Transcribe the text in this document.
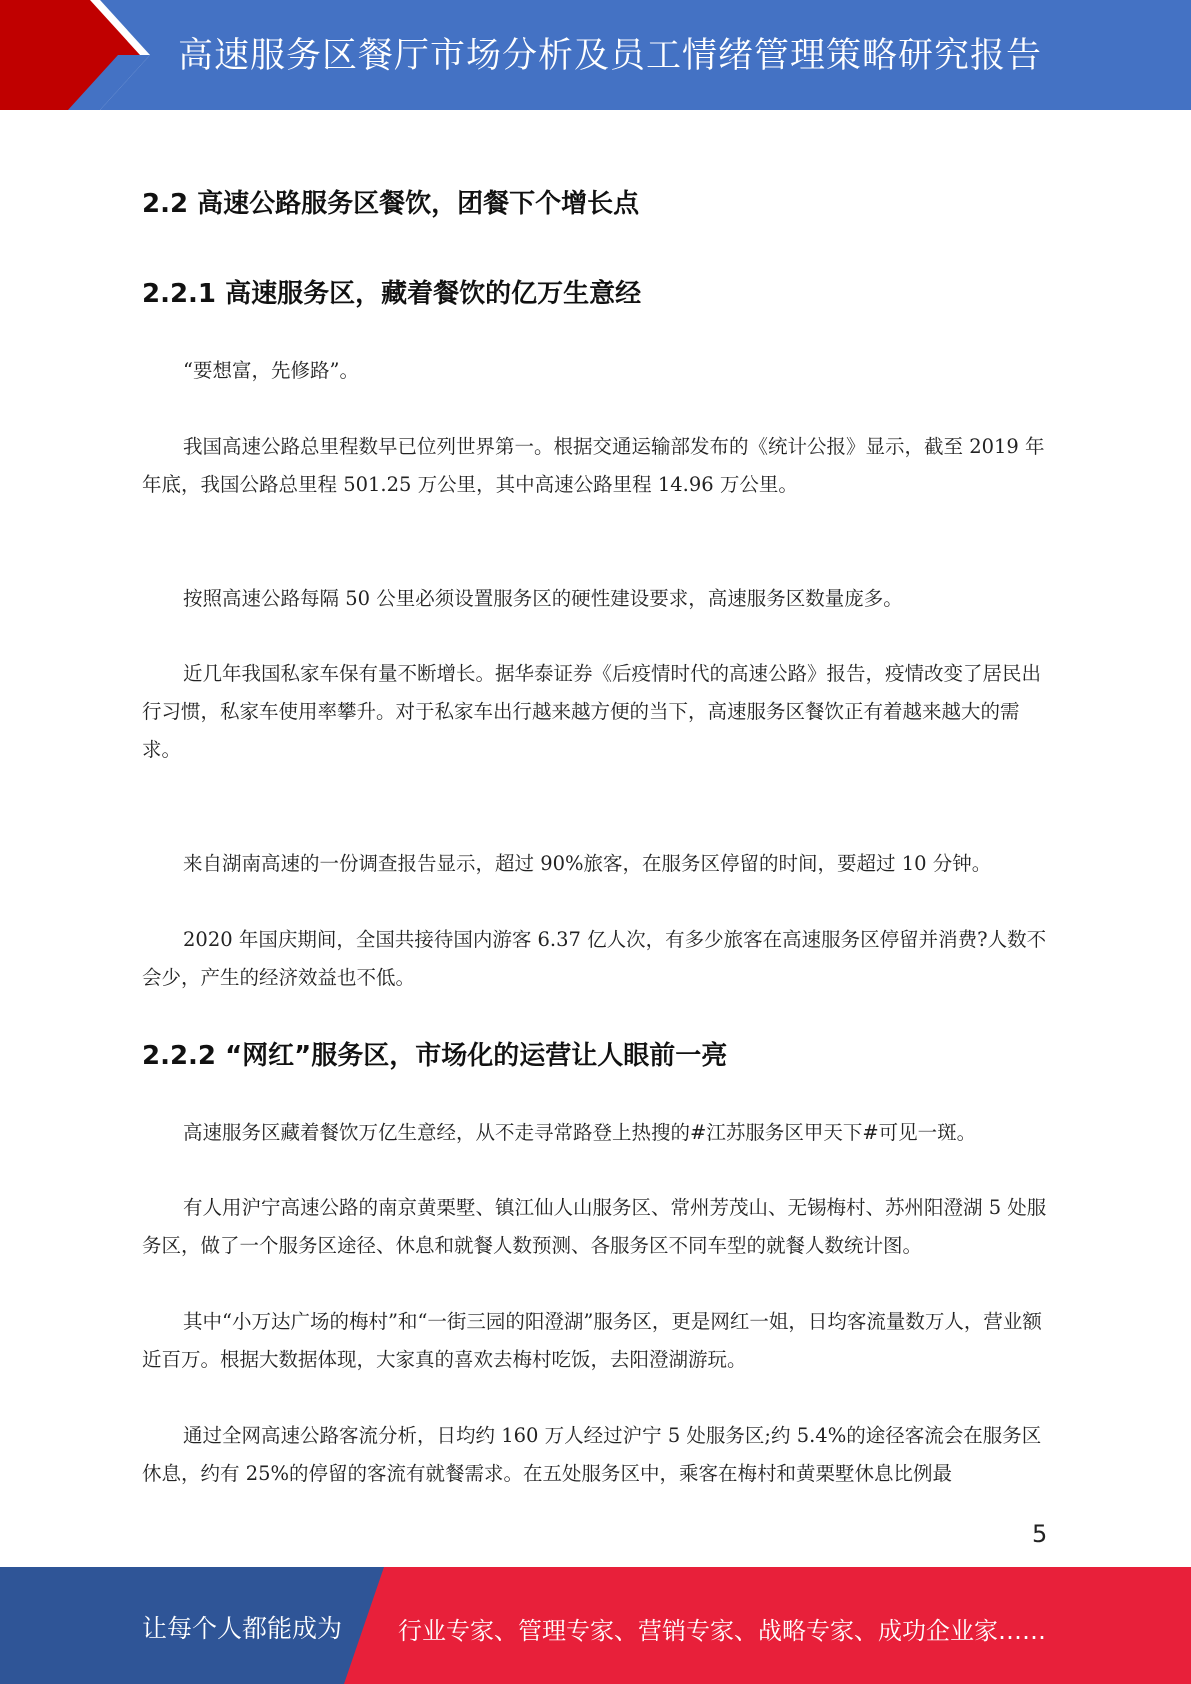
高速服务区餐厅市场分析及员工情绪管理策略研究报告
2.2 高速公路服务区餐饮，团餐下个增长点
2.2.1 高速服务区，藏着餐饮的亿万生意经

“要想富，先修路”。

我国高速公路总里程数早已位列世界第一。根据交通运输部发布的《统计公报》显示，截至 2019 年年底，我国公路总里程 501.25 万公里，其中高速公路里程 14.96 万公里。

按照高速公路每隔 50 公里必须设置服务区的硬性建设要求，高速服务区数量庞多。

近几年我国私家车保有量不断增长。据华泰证券《后疫情时代的高速公路》报告，疫情改变了居民出行习惯，私家车使用率攀升。对于私家车出行越来越方便的当下，高速服务区餐饮正有着越来越大的需求。

来自湖南高速的一份调查报告显示，超过 90%旅客，在服务区停留的时间，要超过 10 分钟。

2020 年国庆期间，全国共接待国内游客 6.37 亿人次，有多少旅客在高速服务区停留并消费?人数不会少，产生的经济效益也不低。

2.2.2 “网红”服务区，市场化的运营让人眼前一亮

高速服务区藏着餐饮万亿生意经，从不走寻常路登上热搜的#江苏服务区甲天下#可见一斑。

有人用沪宁高速公路的南京黄栗墅、镇江仙人山服务区、常州芳茂山、无锡梅村、苏州阳澄湖 5 处服务区，做了一个服务区途径、休息和就餐人数预测、各服务区不同车型的就餐人数统计图。

其中“小万达广场的梅村”和“一街三园的阳澄湖”服务区，更是网红一姐，日均客流量数万人，营业额近百万。根据大数据体现，大家真的喜欢去梅村吃饭，去阳澄湖游玩。

通过全网高速公路客流分析，日均约 160 万人经过沪宁 5 处服务区;约 5.4%的途径客流会在服务区休息，约有 25%的停留的客流有就餐需求。在五处服务区中，乘客在梅村和黄栗墅休息比例最

5
让每个人都能成为 行业专家、管理专家、营销专家、战略专家、成功企业家……
